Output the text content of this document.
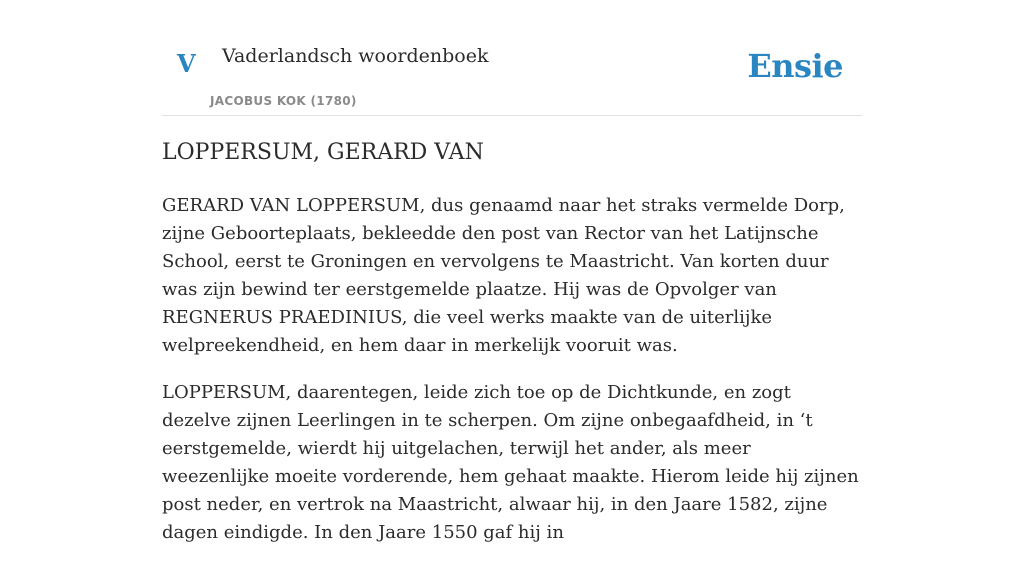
V Vaderlandsch woordenboek
JACOBUS KOK (1780)
Ensie
LOPPERSUM, GERARD VAN

GERARD VAN LOPPERSUM, dus genaamd naar het straks vermelde Dorp, zijne Geboorteplaats, bekleedde den post van Rector van het Latijnsche School, eerst te Groningen en vervolgens te Maastricht. Van korten duur was zijn bewind ter eerstgemelde plaatze. Hij was de Opvolger van REGNERUS PRAEDINIUS, die veel werks maakte van de uiterlijke welpreekendheid, en hem daar in merkelijk vooruit was.

LOPPERSUM, daarentegen, leide zich toe op de Dichtkunde, en zogt dezelve zijnen Leerlingen in te scherpen. Om zijne onbegaafdheid, in ‘t eerstgemelde, wierdt hij uitgelachen, terwijl het ander, als meer weezenlijke moeite vorderende, hem gehaat maakte. Hierom leide hij zijnen post neder, en vertrok na Maastricht, alwaar hij, in den Jaare 1582, zijne dagen eindigde. In den Jaare 1550 gaf hij in
